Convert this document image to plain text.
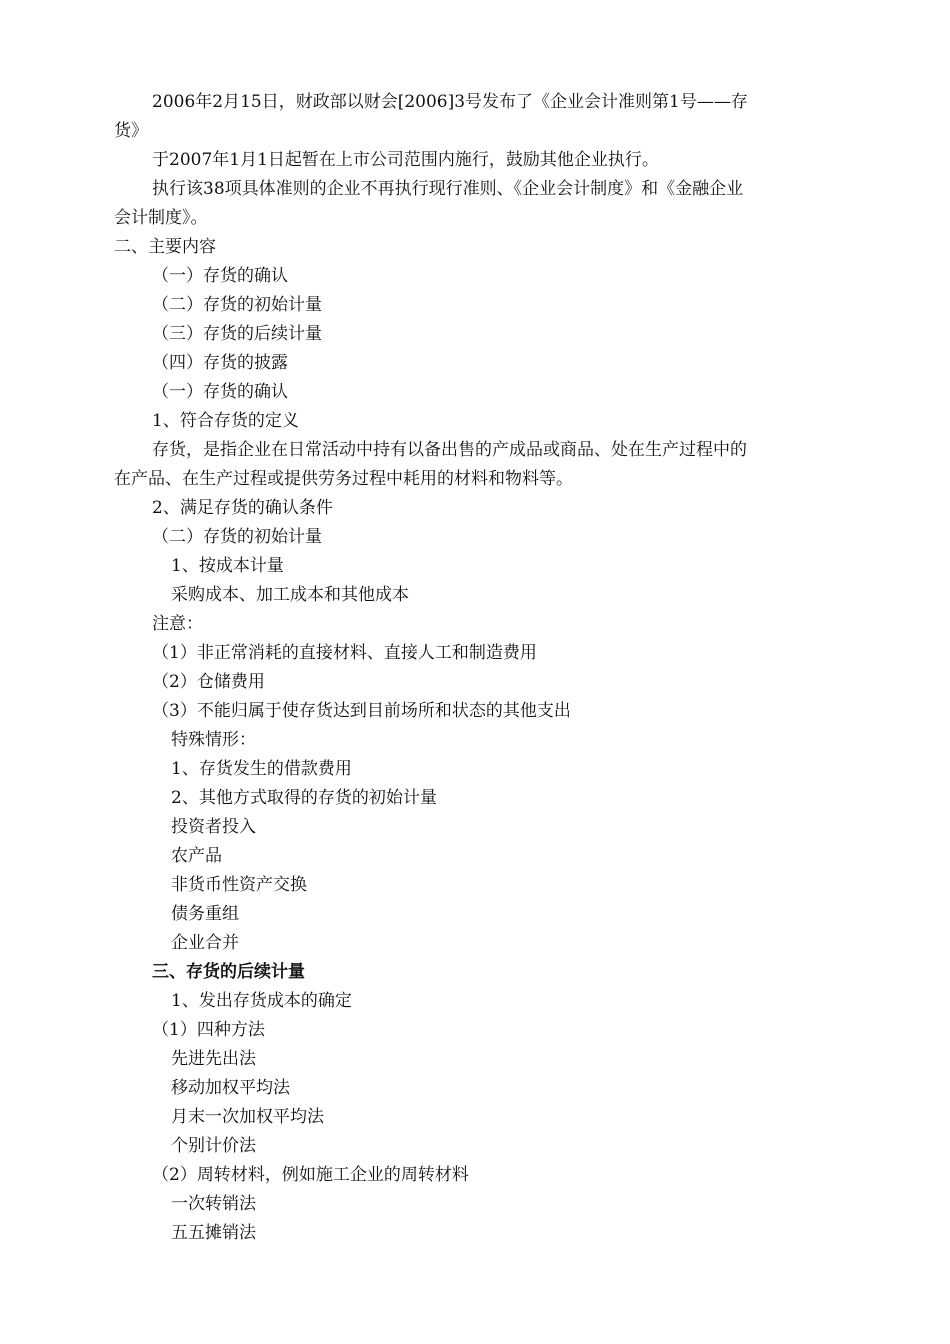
2006年2月15日，财政部以财会[2006]3号发布了《企业会计准则第1号——存
货》
于2007年1月1日起暂在上市公司范围内施行，鼓励其他企业执行。
执行该38项具体准则的企业不再执行现行准则、《企业会计制度》和《金融企业
会计制度》。
二、主要内容
（一）存货的确认
（二）存货的初始计量
（三）存货的后续计量
（四）存货的披露
（一）存货的确认
1、符合存货的定义
存货，是指企业在日常活动中持有以备出售的产成品或商品、处在生产过程中的
在产品、在生产过程或提供劳务过程中耗用的材料和物料等。
2、满足存货的确认条件
（二）存货的初始计量
1、按成本计量
采购成本、加工成本和其他成本
注意：
（1）非正常消耗的直接材料、直接人工和制造费用
（2）仓储费用
（3）不能归属于使存货达到目前场所和状态的其他支出
特殊情形：
1、存货发生的借款费用
2、其他方式取得的存货的初始计量
投资者投入
农产品
非货币性资产交换
债务重组
企业合并
三、存货的后续计量
1、发出存货成本的确定
（1）四种方法
先进先出法
移动加权平均法
月末一次加权平均法
个别计价法
（2）周转材料，例如施工企业的周转材料
一次转销法
五五摊销法
